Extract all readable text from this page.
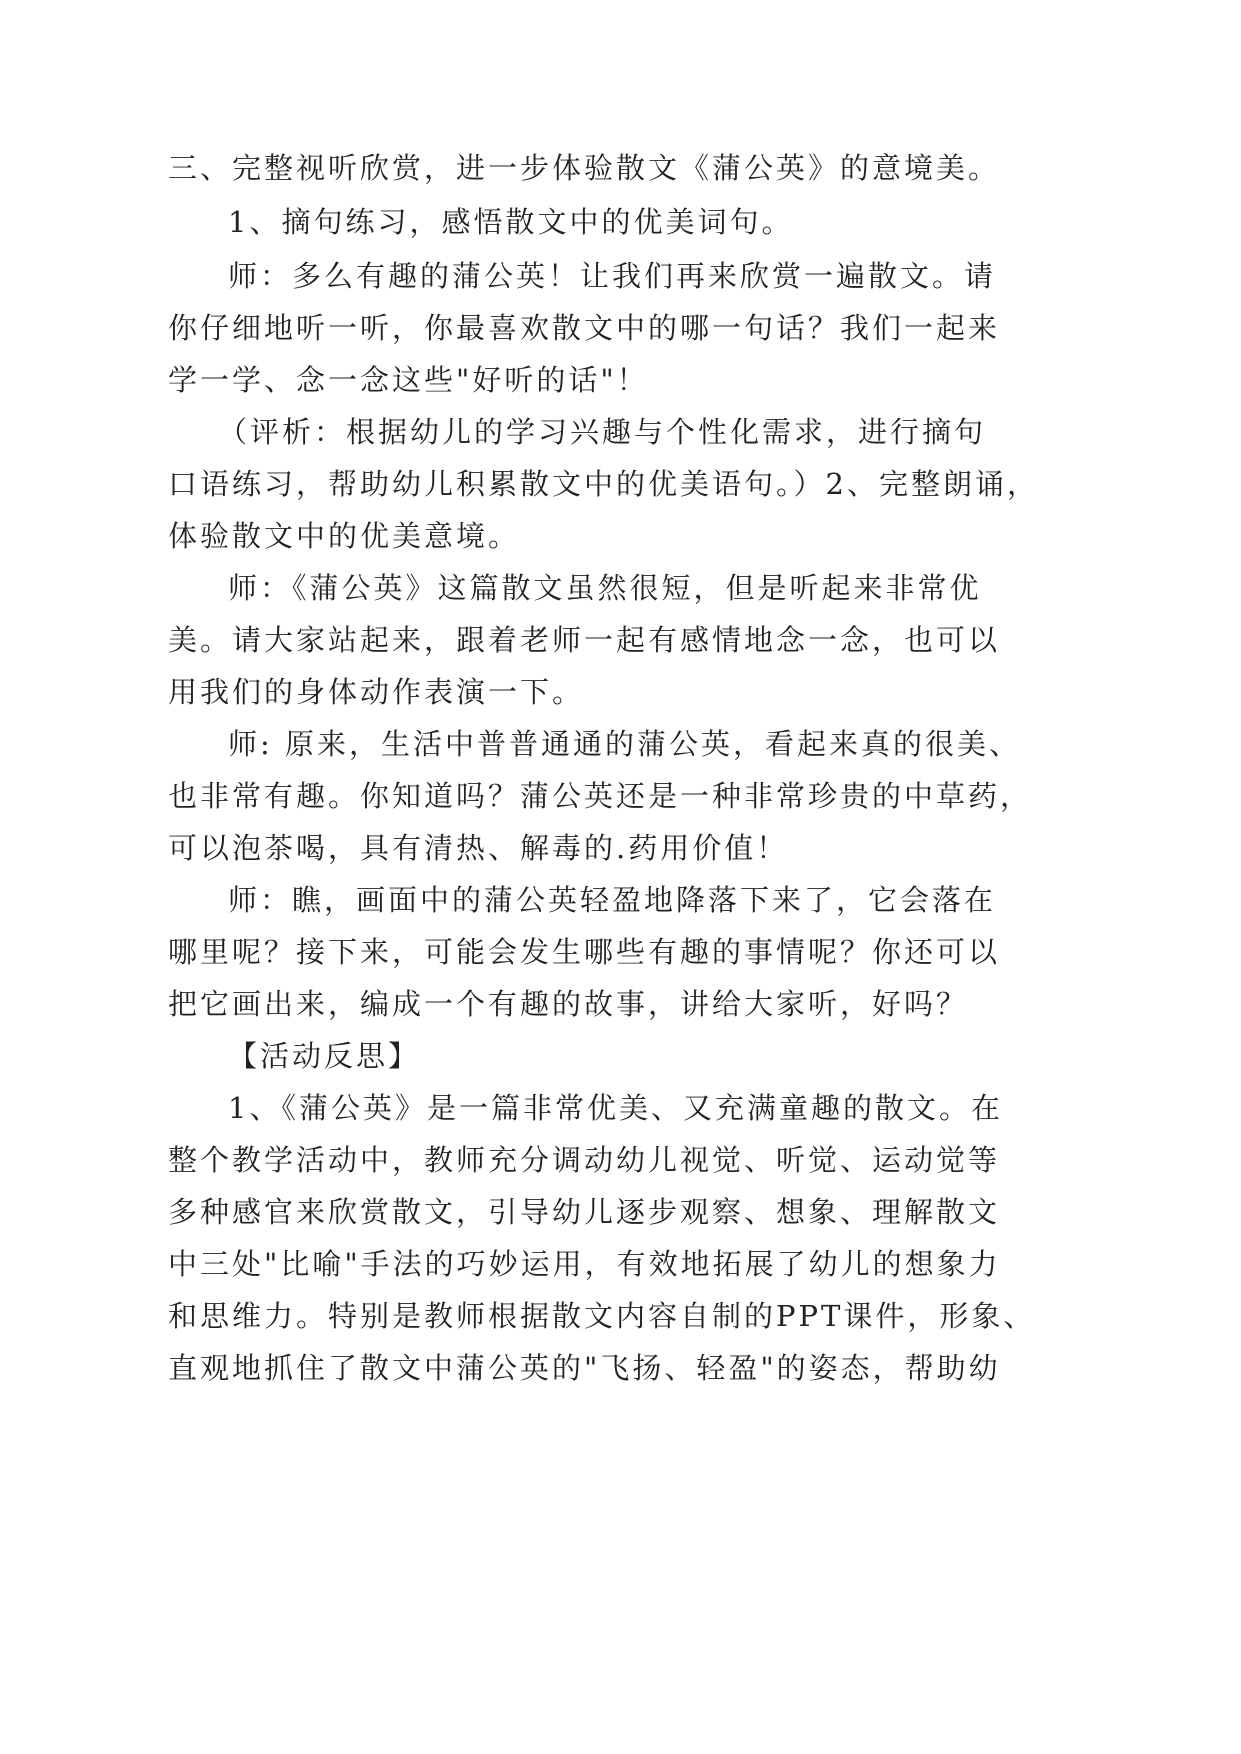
三、完整视听欣赏，进一步体验散文《蒲公英》的意境美。
1、摘句练习，感悟散文中的优美词句。
师：多么有趣的蒲公英！让我们再来欣赏一遍散文。请
你仔细地听一听，你最喜欢散文中的哪一句话？我们一起来
学一学、念一念这些"好听的话"！
（评析：根据幼儿的学习兴趣与个性化需求，进行摘句
口语练习，帮助幼儿积累散文中的优美语句。）2、完整朗诵，
体验散文中的优美意境。
师：《蒲公英》这篇散文虽然很短，但是听起来非常优
美。请大家站起来，跟着老师一起有感情地念一念，也可以
用我们的身体动作表演一下。
师: 原来，生活中普普通通的蒲公英，看起来真的很美、
也非常有趣。你知道吗？蒲公英还是一种非常珍贵的中草药，
可以泡茶喝，具有清热、解毒的.药用价值！
师：瞧，画面中的蒲公英轻盈地降落下来了，它会落在
哪里呢？接下来，可能会发生哪些有趣的事情呢？你还可以
把它画出来，编成一个有趣的故事，讲给大家听，好吗？
【活动反思】
1、《蒲公英》是一篇非常优美、又充满童趣的散文。在
整个教学活动中，教师充分调动幼儿视觉、听觉、运动觉等
多种感官来欣赏散文，引导幼儿逐步观察、想象、理解散文
中三处"比喻"手法的巧妙运用，有效地拓展了幼儿的想象力
和思维力。特别是教师根据散文内容自制的PPT课件，形象、
直观地抓住了散文中蒲公英的"飞扬、轻盈"的姿态，帮助幼
